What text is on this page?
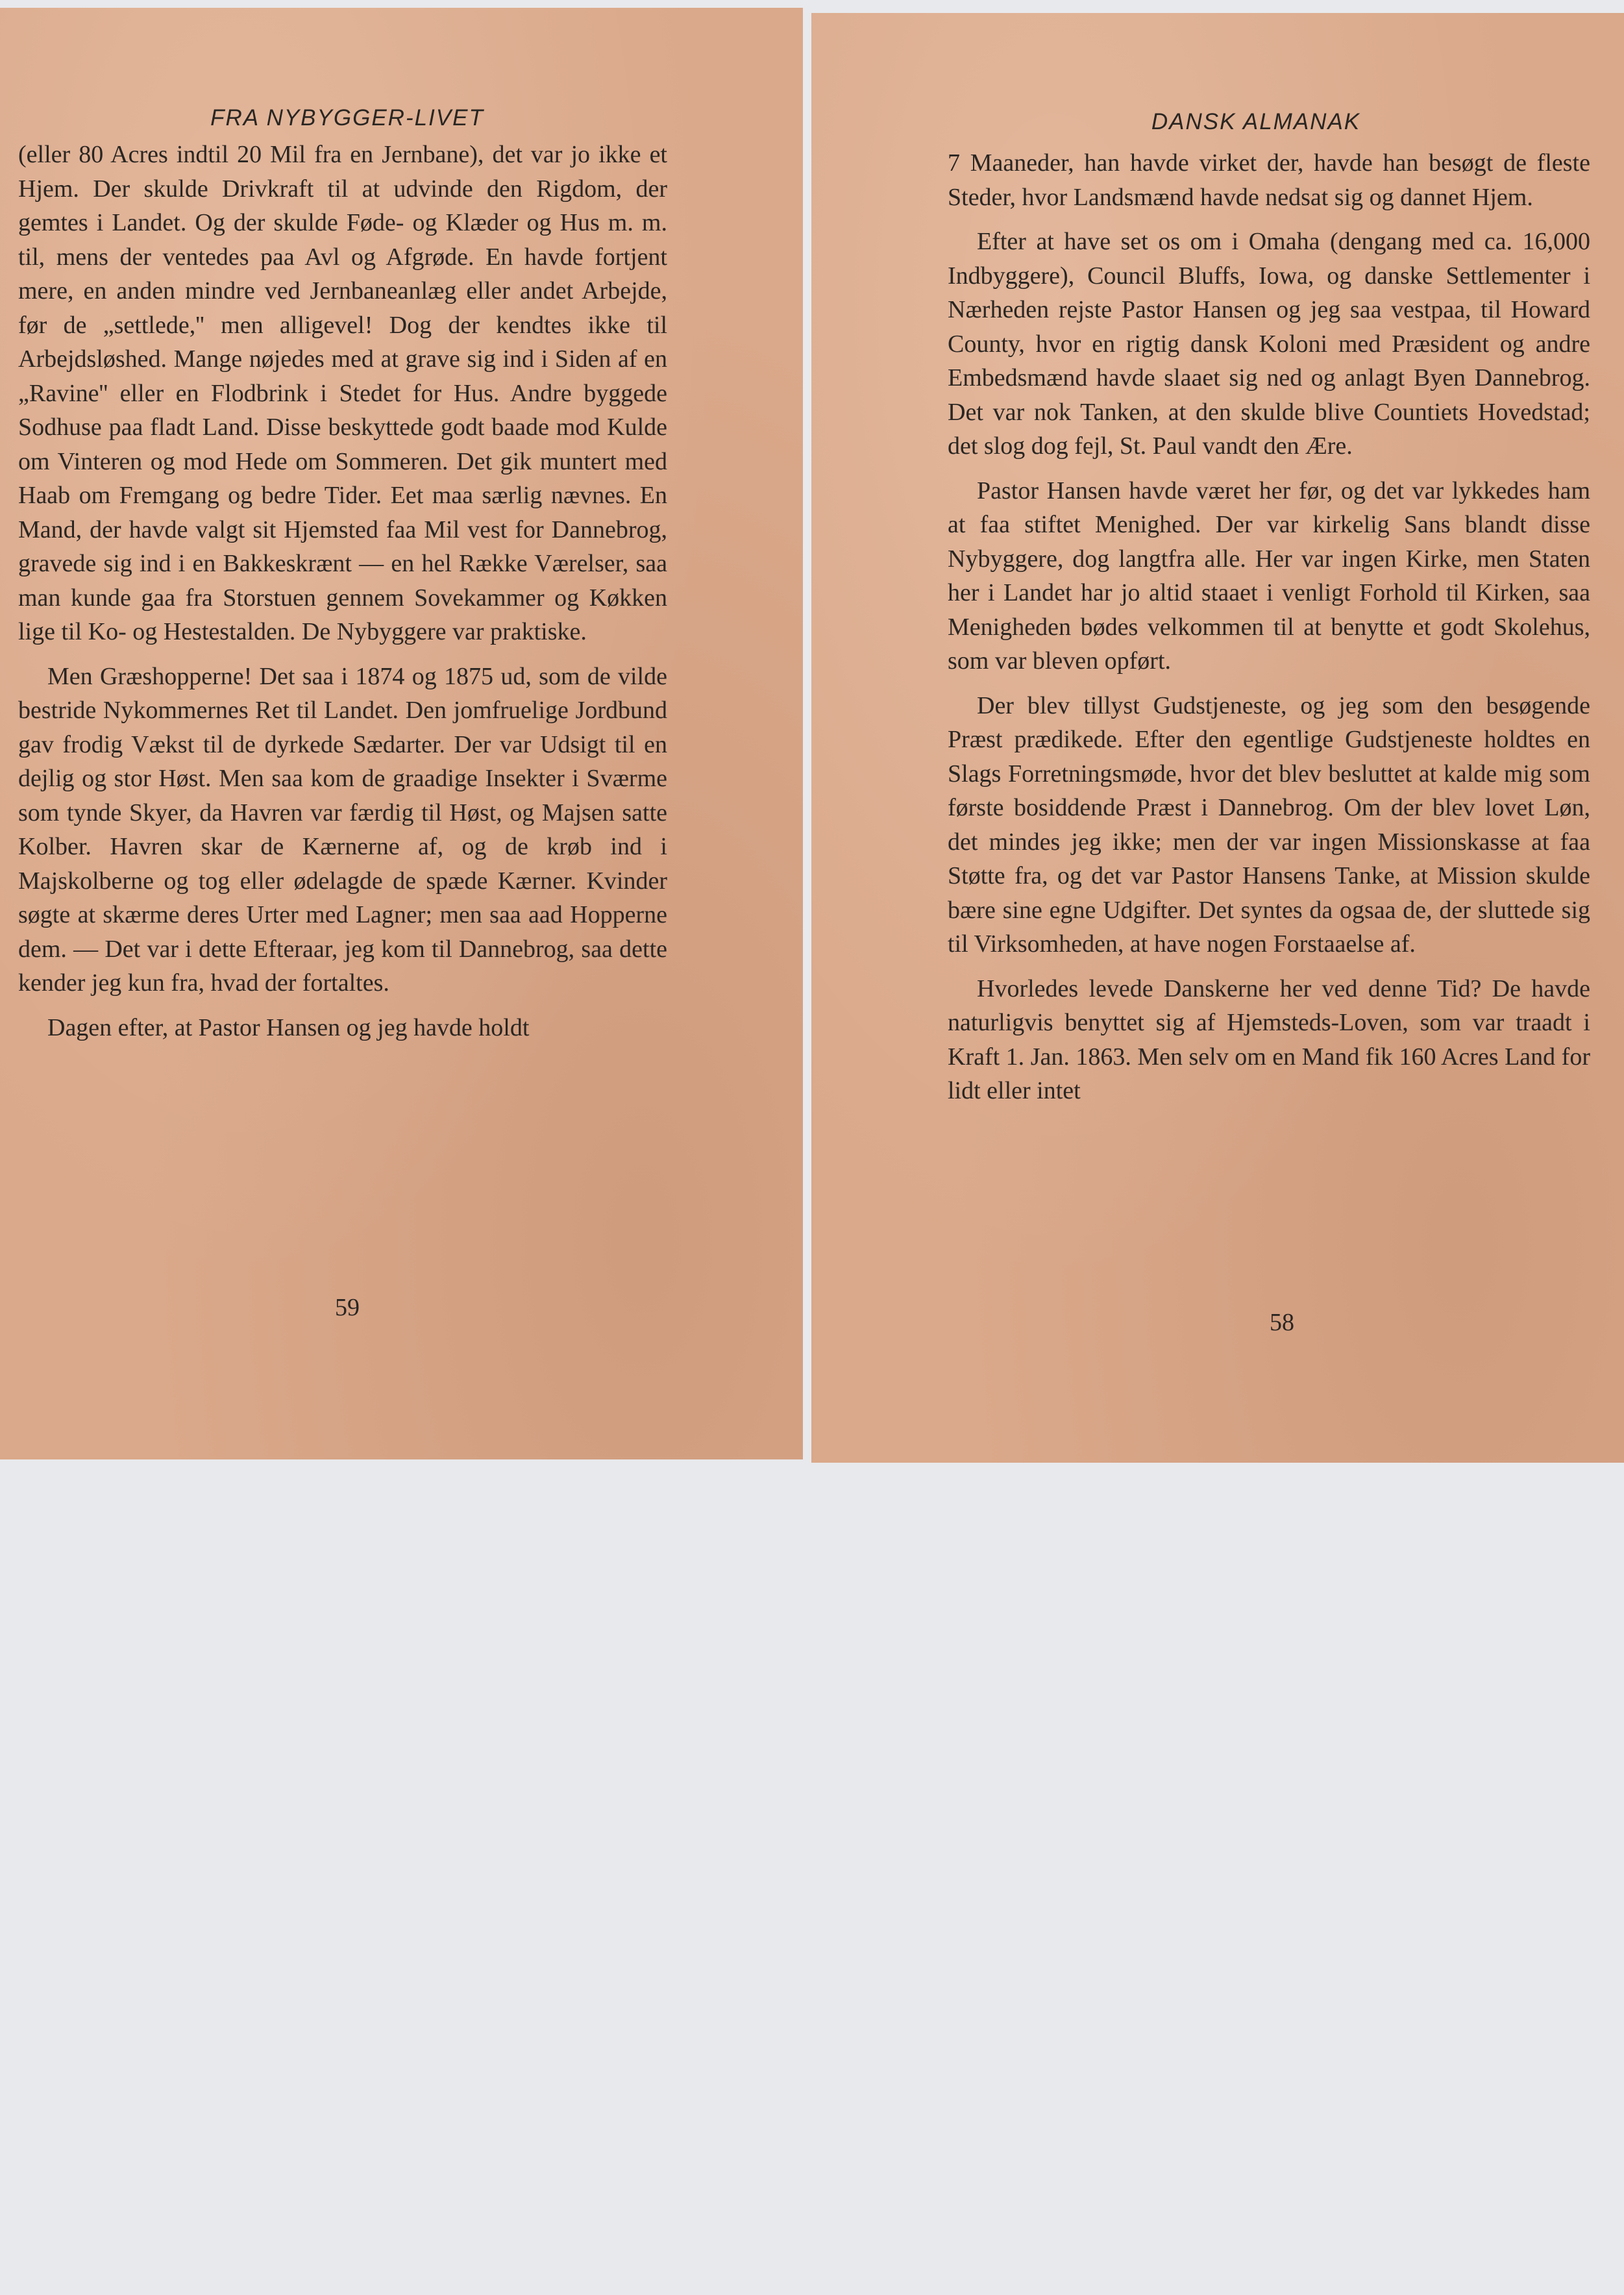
FRA NYBYGGER-LIVET

(eller 80 Acres indtil 20 Mil fra en Jernbane), det var jo ikke et Hjem. Der skulde Drivkraft til at udvinde den Rigdom, der gemtes i Landet. Og der skulde Føde- og Klæder og Hus m. m. til, mens der ventedes paa Avl og Afgrøde. En havde fortjent mere, en anden mindre ved Jernbaneanlæg eller andet Arbejde, før de „settlede,'' men alligevel! Dog der kendtes ikke til Arbejdsløshed. Mange nøjedes med at grave sig ind i Siden af en „Ravine'' eller en Flodbrink i Stedet for Hus. Andre byggede Sodhuse paa fladt Land. Disse beskyttede godt baade mod Kulde om Vinteren og mod Hede om Sommeren. Det gik muntert med Haab om Fremgang og bedre Tider. Eet maa særlig nævnes. En Mand, der havde valgt sit Hjemsted faa Mil vest for Dannebrog, gravede sig ind i en Bakkeskrænt — en hel Række Værelser, saa man kunde gaa fra Storstuen gennem Sovekammer og Køkken lige til Ko- og Hestestalden. De Nybyggere var praktiske.

Men Græshopperne! Det saa i 1874 og 1875 ud, som de vilde bestride Nykommernes Ret til Landet. Den jomfruelige Jordbund gav frodig Vækst til de dyrkede Sædarter. Der var Udsigt til en dejlig og stor Høst. Men saa kom de graadige Insekter i Sværme som tynde Skyer, da Havren var færdig til Høst, og Majsen satte Kolber. Havren skar de Kærnerne af, og de krøb ind i Majskolberne og tog eller ødelagde de spæde Kærner. Kvinder søgte at skærme deres Urter med Lagner; men saa aad Hopperne dem. — Det var i dette Efteraar, jeg kom til Dannebrog, saa dette kender jeg kun fra, hvad der fortaltes.

Dagen efter, at Pastor Hansen og jeg havde holdt

59
DANSK ALMANAK

7 Maaneder, han havde virket der, havde han besøgt de fleste Steder, hvor Landsmænd havde nedsat sig og dannet Hjem.

Efter at have set os om i Omaha (dengang med ca. 16,000 Indbyggere), Council Bluffs, Iowa, og danske Settlementer i Nærheden rejste Pastor Hansen og jeg saa vestpaa, til Howard County, hvor en rigtig dansk Koloni med Præsident og andre Embedsmænd havde slaaet sig ned og anlagt Byen Dannebrog. Det var nok Tanken, at den skulde blive Countiets Hovedstad; det slog dog fejl, St. Paul vandt den Ære.

Pastor Hansen havde været her før, og det var lykkedes ham at faa stiftet Menighed. Der var kirkelig Sans blandt disse Nybyggere, dog langtfra alle. Her var ingen Kirke, men Staten her i Landet har jo altid staaet i venligt Forhold til Kirken, saa Menigheden bødes velkommen til at benytte et godt Skolehus, som var bleven opført.

Der blev tillyst Gudstjeneste, og jeg som den besøgende Præst prædikede. Efter den egentlige Gudstjeneste holdtes en Slags Forretningsmøde, hvor det blev besluttet at kalde mig som første bosiddende Præst i Dannebrog. Om der blev lovet Løn, det mindes jeg ikke; men der var ingen Missionskasse at faa Støtte fra, og det var Pastor Hansens Tanke, at Mission skulde bære sine egne Udgifter. Det syntes da ogsaa de, der sluttede sig til Virksomheden, at have nogen Forstaaelse af.

Hvorledes levede Danskerne her ved denne Tid? De havde naturligvis benyttet sig af Hjemsteds-Loven, som var traadt i Kraft 1. Jan. 1863. Men selv om en Mand fik 160 Acres Land for lidt eller intet

58
